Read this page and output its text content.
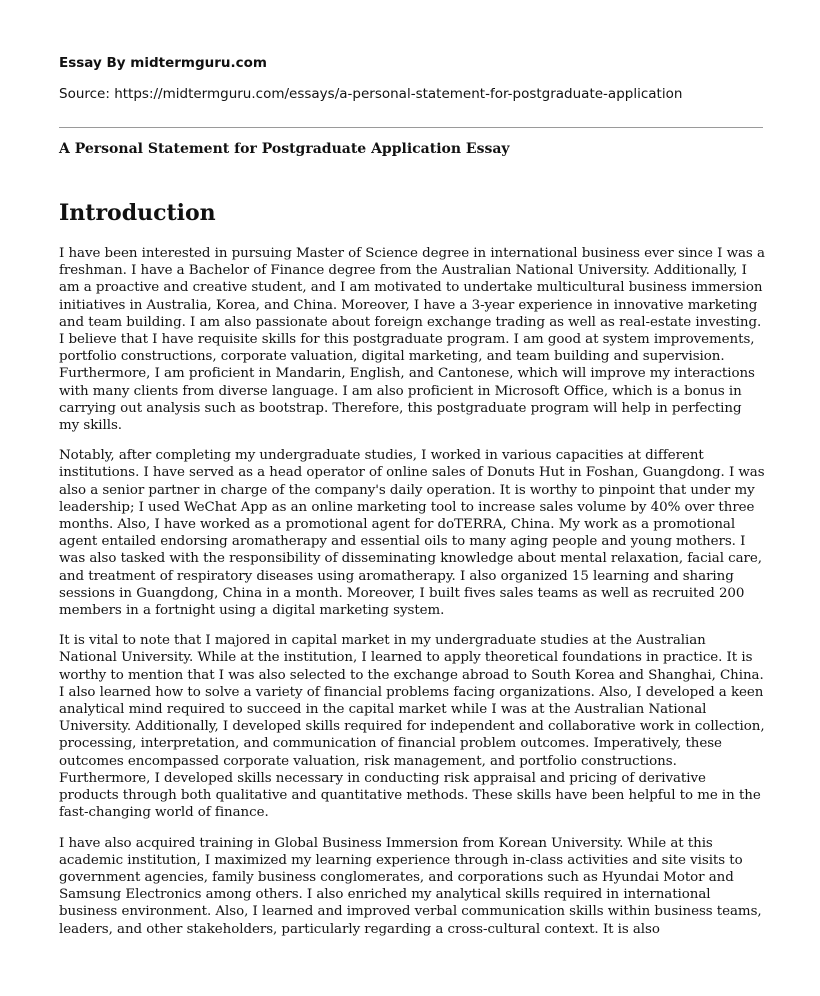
Essay By midtermguru.com
Source: https://midtermguru.com/essays/a-personal-statement-for-postgraduate-application
A Personal Statement for Postgraduate Application Essay
Introduction

I have been interested in pursuing Master of Science degree in international business ever since I was a freshman. I have a Bachelor of Finance degree from the Australian National University. Additionally, I am a proactive and creative student, and I am motivated to undertake multicultural business immersion initiatives in Australia, Korea, and China. Moreover, I have a 3-year experience in innovative marketing and team building. I am also passionate about foreign exchange trading as well as real-estate investing. I believe that I have requisite skills for this postgraduate program. I am good at system improvements, portfolio constructions, corporate valuation, digital marketing, and team building and supervision. Furthermore, I am proficient in Mandarin, English, and Cantonese, which will improve my interactions with many clients from diverse language. I am also proficient in Microsoft Office, which is a bonus in carrying out analysis such as bootstrap. Therefore, this postgraduate program will help in perfecting my skills.

Notably, after completing my undergraduate studies, I worked in various capacities at different institutions. I have served as a head operator of online sales of Donuts Hut in Foshan, Guangdong. I was also a senior partner in charge of the company's daily operation. It is worthy to pinpoint that under my leadership; I used WeChat App as an online marketing tool to increase sales volume by 40% over three months. Also, I have worked as a promotional agent for doTERRA, China. My work as a promotional agent entailed endorsing aromatherapy and essential oils to many aging people and young mothers. I was also tasked with the responsibility of disseminating knowledge about mental relaxation, facial care, and treatment of respiratory diseases using aromatherapy. I also organized 15 learning and sharing sessions in Guangdong, China in a month. Moreover, I built fives sales teams as well as recruited 200 members in a fortnight using a digital marketing system.

It is vital to note that I majored in capital market in my undergraduate studies at the Australian National University. While at the institution, I learned to apply theoretical foundations in practice. It is worthy to mention that I was also selected to the exchange abroad to South Korea and Shanghai, China. I also learned how to solve a variety of financial problems facing organizations. Also, I developed a keen analytical mind required to succeed in the capital market while I was at the Australian National University. Additionally, I developed skills required for independent and collaborative work in collection, processing, interpretation, and communication of financial problem outcomes. Imperatively, these outcomes encompassed corporate valuation, risk management, and portfolio constructions. Furthermore, I developed skills necessary in conducting risk appraisal and pricing of derivative products through both qualitative and quantitative methods. These skills have been helpful to me in the fast-changing world of finance.

I have also acquired training in Global Business Immersion from Korean University. While at this academic institution, I maximized my learning experience through in-class activities and site visits to government agencies, family business conglomerates, and corporations such as Hyundai Motor and Samsung Electronics among others. I also enriched my analytical skills required in international business environment. Also, I learned and improved verbal communication skills within business teams, leaders, and other stakeholders, particularly regarding a cross-cultural context. It is also
